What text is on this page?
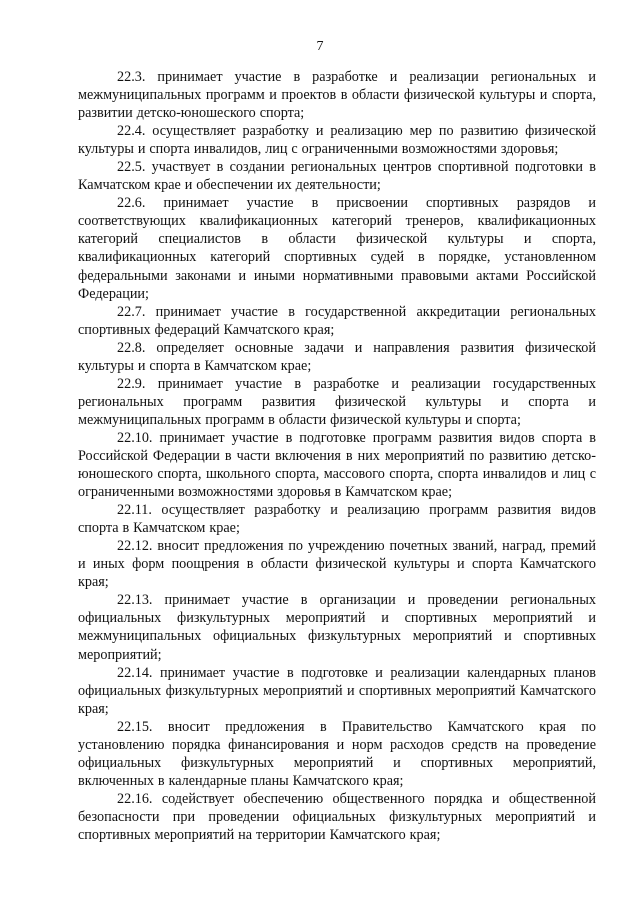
7

22.3. принимает участие в разработке и реализации региональных и межмуниципальных программ и проектов в области физической культуры и спорта, развитии детско-юношеского спорта;

22.4. осуществляет разработку и реализацию мер по развитию физической культуры и спорта инвалидов, лиц с ограниченными возможностями здоровья;

22.5. участвует в создании региональных центров спортивной подготовки в Камчатском крае и обеспечении их деятельности;

22.6. принимает участие в присвоении спортивных разрядов и соответствующих квалификационных категорий тренеров, квалификационных категорий специалистов в области физической культуры и спорта, квалификационных категорий спортивных судей в порядке, установленном федеральными законами и иными нормативными правовыми актами Российской Федерации;

22.7. принимает участие в государственной аккредитации региональных спортивных федераций Камчатского края;

22.8. определяет основные задачи и направления развития физической культуры и спорта в Камчатском крае;

22.9. принимает участие в разработке и реализации государственных региональных программ развития физической культуры и спорта и межмуниципальных программ в области физической культуры и спорта;

22.10. принимает участие в подготовке программ развития видов спорта в Российской Федерации в части включения в них мероприятий по развитию детско-юношеского спорта, школьного спорта, массового спорта, спорта инвалидов и лиц с ограниченными возможностями здоровья в Камчатском крае;

22.11. осуществляет разработку и реализацию программ развития видов спорта в Камчатском крае;

22.12. вносит предложения по учреждению почетных званий, наград, премий и иных форм поощрения в области физической культуры и спорта Камчатского края;

22.13. принимает участие в организации и проведении региональных официальных физкультурных мероприятий и спортивных мероприятий и межмуниципальных официальных физкультурных мероприятий и спортивных мероприятий;

22.14. принимает участие в подготовке и реализации календарных планов официальных физкультурных мероприятий и спортивных мероприятий Камчатского края;

22.15. вносит предложения в Правительство Камчатского края по установлению порядка финансирования и норм расходов средств на проведение официальных физкультурных мероприятий и спортивных мероприятий, включенных в календарные планы Камчатского края;

22.16. содействует обеспечению общественного порядка и общественной безопасности при проведении официальных физкультурных мероприятий и спортивных мероприятий на территории Камчатского края;
